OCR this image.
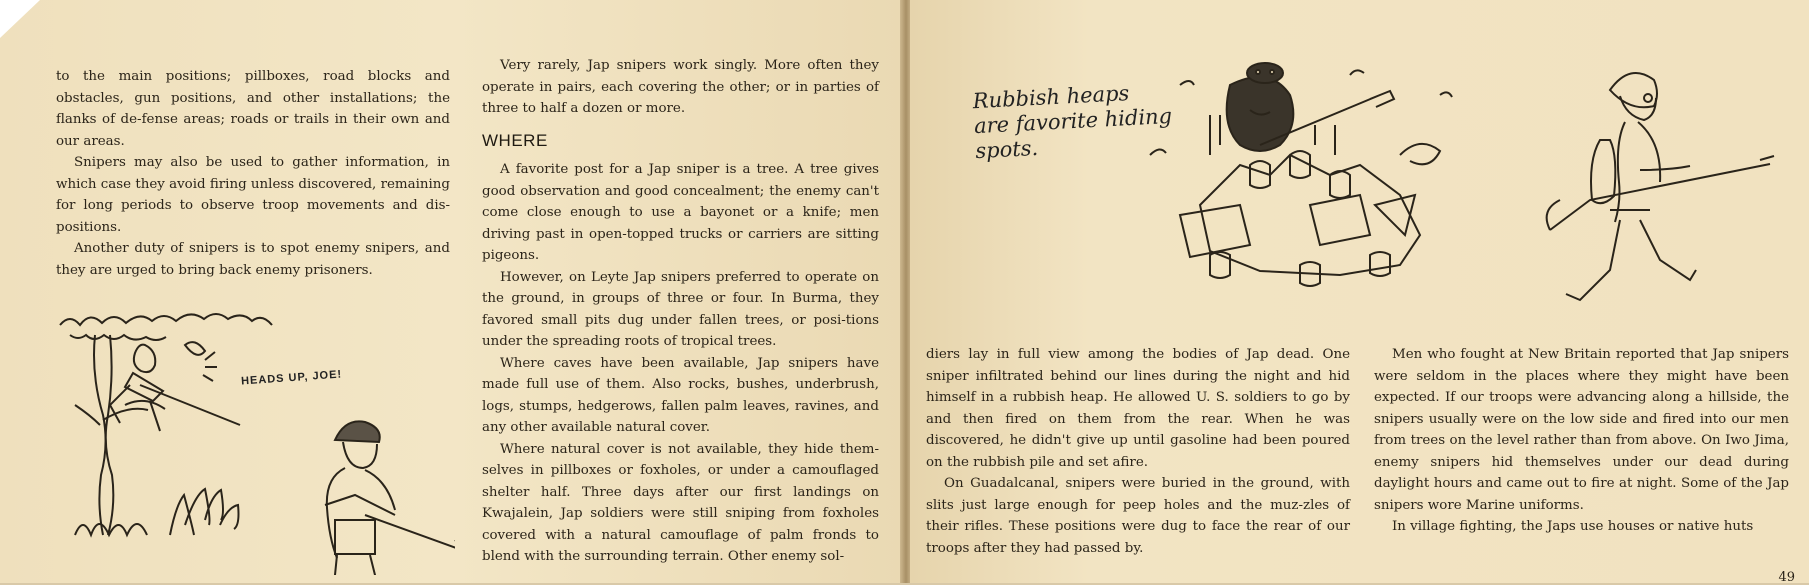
to the main positions; pillboxes, road blocks and obstacles, gun positions, and other installations; the flanks of de-fense areas; roads or trails in their own and our areas.

Snipers may also be used to gather information, in which case they avoid firing unless discovered, remaining for long periods to observe troop movements and dis-positions.

Another duty of snipers is to spot enemy snipers, and they are urged to bring back enemy prisoners.

Very rarely, Jap snipers work singly. More often they operate in pairs, each covering the other; or in parties of three to half a dozen or more.

WHERE

A favorite post for a Jap sniper is a tree. A tree gives good observation and good concealment; the enemy can't come close enough to use a bayonet or a knife; men driving past in open-topped trucks or carriers are sitting pigeons.

However, on Leyte Jap snipers preferred to operate on the ground, in groups of three or four. In Burma, they favored small pits dug under fallen trees, or posi-tions under the spreading roots of tropical trees.

Where caves have been available, Jap snipers have made full use of them. Also rocks, bushes, underbrush, logs, stumps, hedgerows, fallen palm leaves, ravines, and any other available natural cover.

Where natural cover is not available, they hide them-selves in pillboxes or foxholes, or under a camouflaged shelter half. Three days after our first landings on Kwajalein, Jap soldiers were still sniping from foxholes covered with a natural camouflage of palm fronds to blend with the surrounding terrain. Other enemy sol-

HEADS UP, JOE!
Rubbish heaps
are favorite hiding
spots.

diers lay in full view among the bodies of Jap dead. One sniper infiltrated behind our lines during the night and hid himself in a rubbish heap. He allowed U. S. soldiers to go by and then fired on them from the rear. When he was discovered, he didn't give up until gasoline had been poured on the rubbish pile and set afire.

On Guadalcanal, snipers were buried in the ground, with slits just large enough for peep holes and the muz-zles of their rifles. These positions were dug to face the rear of our troops after they had passed by.

Men who fought at New Britain reported that Jap snipers were seldom in the places where they might have been expected. If our troops were advancing along a hillside, the snipers usually were on the low side and fired into our men from trees on the level rather than from above. On Iwo Jima, enemy snipers hid themselves under our dead during daylight hours and came out to fire at night. Some of the Jap snipers wore Marine uniforms.

In village fighting, the Japs use houses or native huts

49
